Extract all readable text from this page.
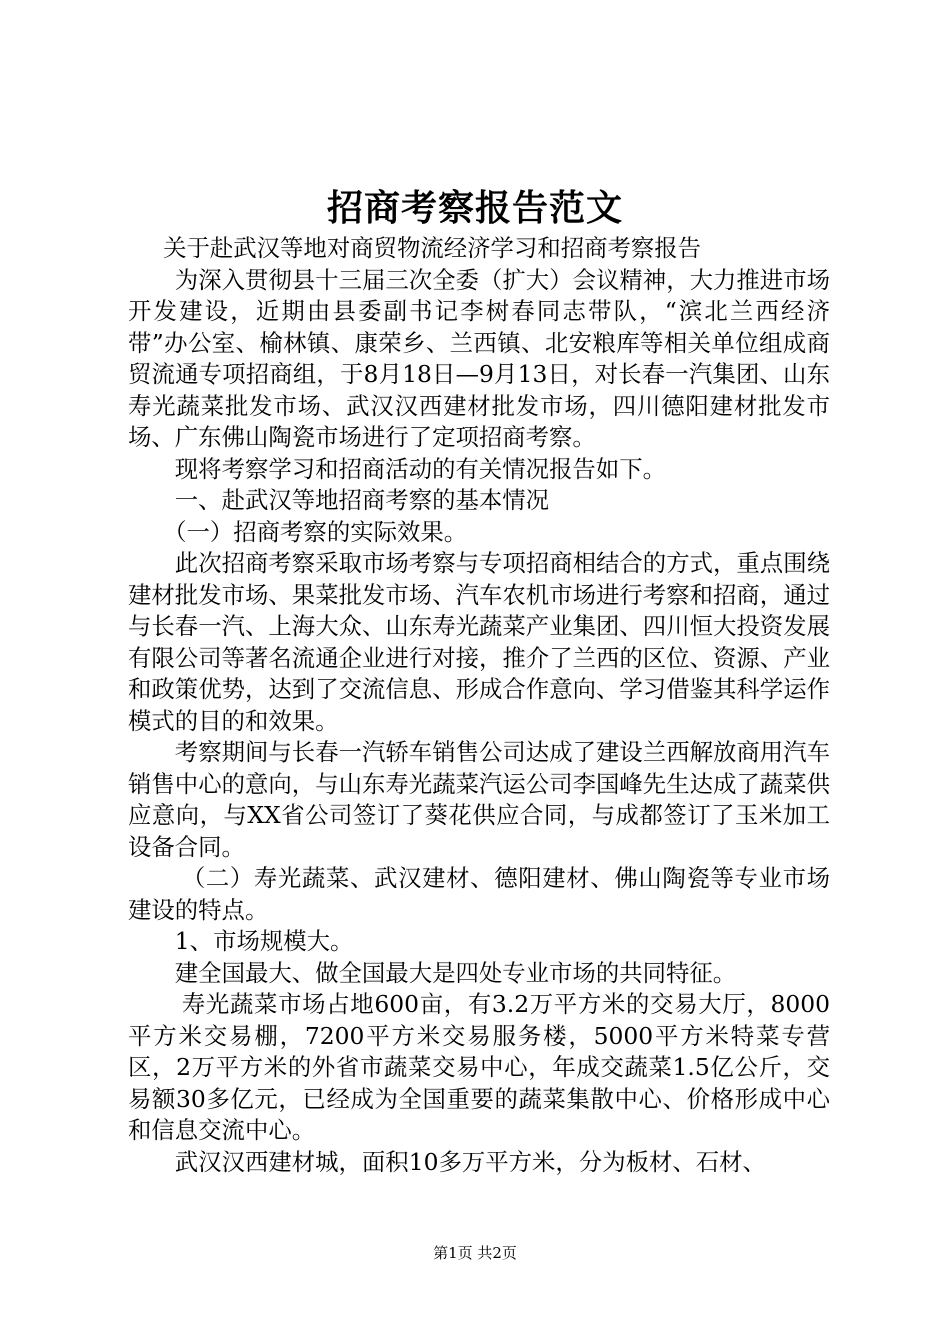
招商考察报告范文

关于赴武汉等地对商贸物流经济学习和招商考察报告

为深入贯彻县十三届三次全委（扩大）会议精神，大力推进市场开发建设，近期由县委副书记李树春同志带队，“滨北兰西经济带”办公室、榆林镇、康荣乡、兰西镇、北安粮库等相关单位组成商贸流通专项招商组，于8月18日—9月13日，对长春一汽集团、山东寿光蔬菜批发市场、武汉汉西建材批发市场，四川德阳建材批发市场、广东佛山陶瓷市场进行了定项招商考察。

现将考察学习和招商活动的有关情况报告如下。

一、赴武汉等地招商考察的基本情况

（一）招商考察的实际效果。

此次招商考察采取市场考察与专项招商相结合的方式，重点围绕建材批发市场、果菜批发市场、汽车农机市场进行考察和招商，通过与长春一汽、上海大众、山东寿光蔬菜产业集团、四川恒大投资发展有限公司等著名流通企业进行对接，推介了兰西的区位、资源、产业和政策优势，达到了交流信息、形成合作意向、学习借鉴其科学运作模式的目的和效果。

考察期间与长春一汽轿车销售公司达成了建设兰西解放商用汽车销售中心的意向，与山东寿光蔬菜汽运公司李国峰先生达成了蔬菜供应意向，与XX省公司签订了葵花供应合同，与成都签订了玉米加工设备合同。

（二）寿光蔬菜、武汉建材、德阳建材、佛山陶瓷等专业市场建设的特点。

1、市场规模大。

建全国最大、做全国最大是四处专业市场的共同特征。

寿光蔬菜市场占地600亩，有3.2万平方米的交易大厅，8000平方米交易棚，7200平方米交易服务楼，5000平方米特菜专营区，2万平方米的外省市蔬菜交易中心，年成交蔬菜1.5亿公斤，交易额30多亿元，已经成为全国重要的蔬菜集散中心、价格形成中心和信息交流中心。

武汉汉西建材城，面积10多万平方米，分为板材、石材、

第1页 共2页
